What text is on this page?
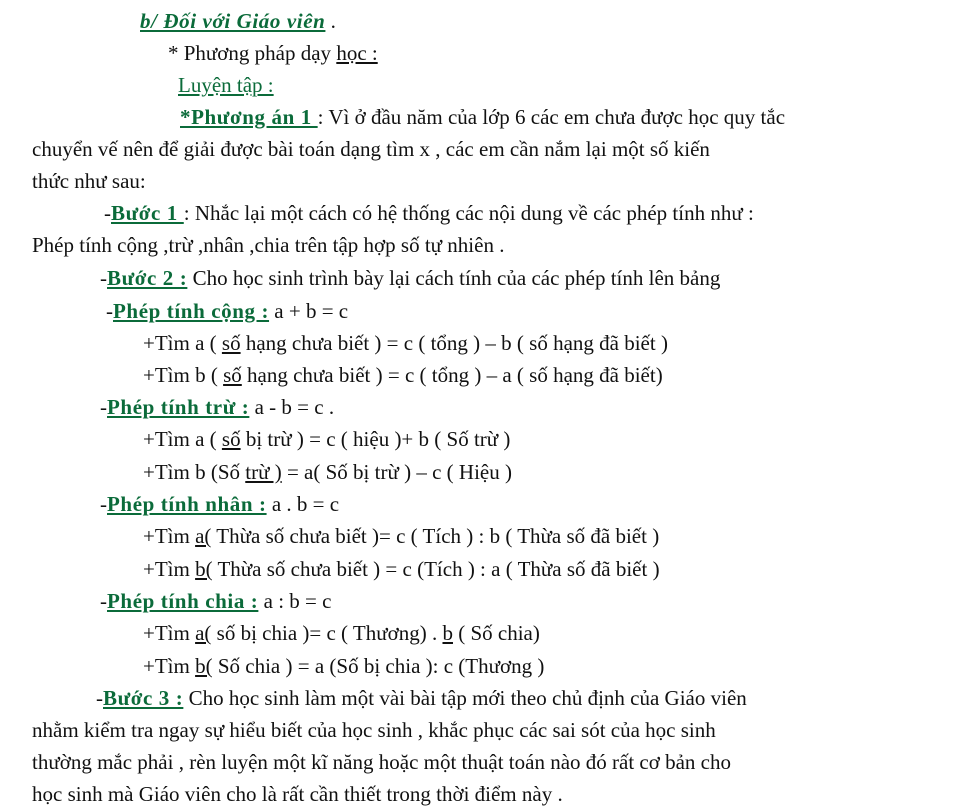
b/ Đối với Giáo viên .
* Phương pháp dạy học :
Luyện tập :
*Phương án 1 : Vì ở đầu năm của lớp 6 các em chưa được học quy tắc
chuyển vế nên để giải được bài toán dạng tìm x , các em cần nắm lại một số kiến
thức như sau:
-Bước 1 : Nhắc lại một cách có hệ thống các nội dung về các phép tính như :
Phép tính cộng ,trừ ,nhân ,chia trên tập hợp số tự nhiên .
-Bước 2 : Cho học sinh trình bày lại cách tính của các phép tính lên bảng
-Phép tính cộng : a + b = c
+Tìm a ( số hạng chưa biết ) = c ( tổng ) – b ( số hạng đã biết )
+Tìm b ( số hạng chưa biết ) = c ( tổng ) – a ( số hạng đã biết)
-Phép tính trừ : a - b = c .
+Tìm a ( số bị trừ ) = c ( hiệu )+ b ( Số trừ )
+Tìm b (Số trừ ) = a( Số bị trừ ) – c ( Hiệu )
-Phép tính nhân : a . b = c
+Tìm a( Thừa số chưa biết )= c ( Tích ) : b ( Thừa số đã biết )
+Tìm b( Thừa số chưa biết ) = c (Tích ) : a ( Thừa số đã biết )
-Phép tính chia : a : b = c
+Tìm a( số bị chia )= c ( Thương) . b ( Số chia)
+Tìm b( Số chia ) = a (Số bị chia ): c (Thương )
-Bước 3 : Cho học sinh làm một vài bài tập mới theo chủ định của Giáo viên
nhằm kiểm tra ngay sự hiểu biết của học sinh , khắc phục các sai sót của học sinh
thường mắc phải , rèn luyện một kĩ năng hoặc một thuật toán nào đó rất cơ bản cho
học sinh mà Giáo viên cho là rất cần thiết trong thời điểm này .
